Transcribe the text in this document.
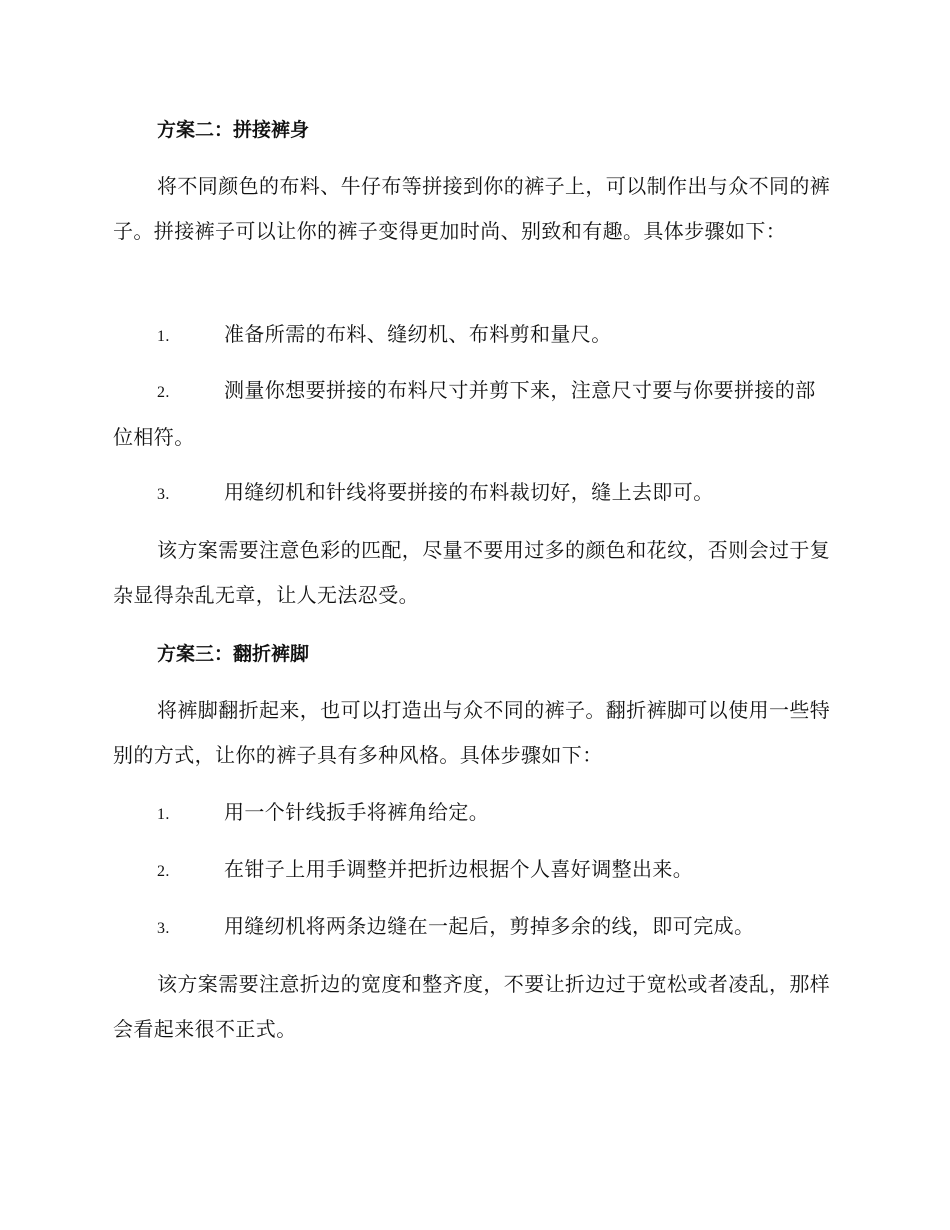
方案二：拼接裤身

将不同颜色的布料、牛仔布等拼接到你的裤子上，可以制作出与众不同的裤子。拼接裤子可以让你的裤子变得更加时尚、别致和有趣。具体步骤如下：

1.	准备所需的布料、缝纫机、布料剪和量尺。

2.	测量你想要拼接的布料尺寸并剪下来，注意尺寸要与你要拼接的部位相符。

3.	用缝纫机和针线将要拼接的布料裁切好，缝上去即可。

该方案需要注意色彩的匹配，尽量不要用过多的颜色和花纹，否则会过于复杂显得杂乱无章，让人无法忍受。

方案三：翻折裤脚

将裤脚翻折起来，也可以打造出与众不同的裤子。翻折裤脚可以使用一些特别的方式，让你的裤子具有多种风格。具体步骤如下：

1.	用一个针线扳手将裤角给定。

2.	在钳子上用手调整并把折边根据个人喜好调整出来。

3.	用缝纫机将两条边缝在一起后，剪掉多余的线，即可完成。

该方案需要注意折边的宽度和整齐度，不要让折边过于宽松或者凌乱，那样会看起来很不正式。
